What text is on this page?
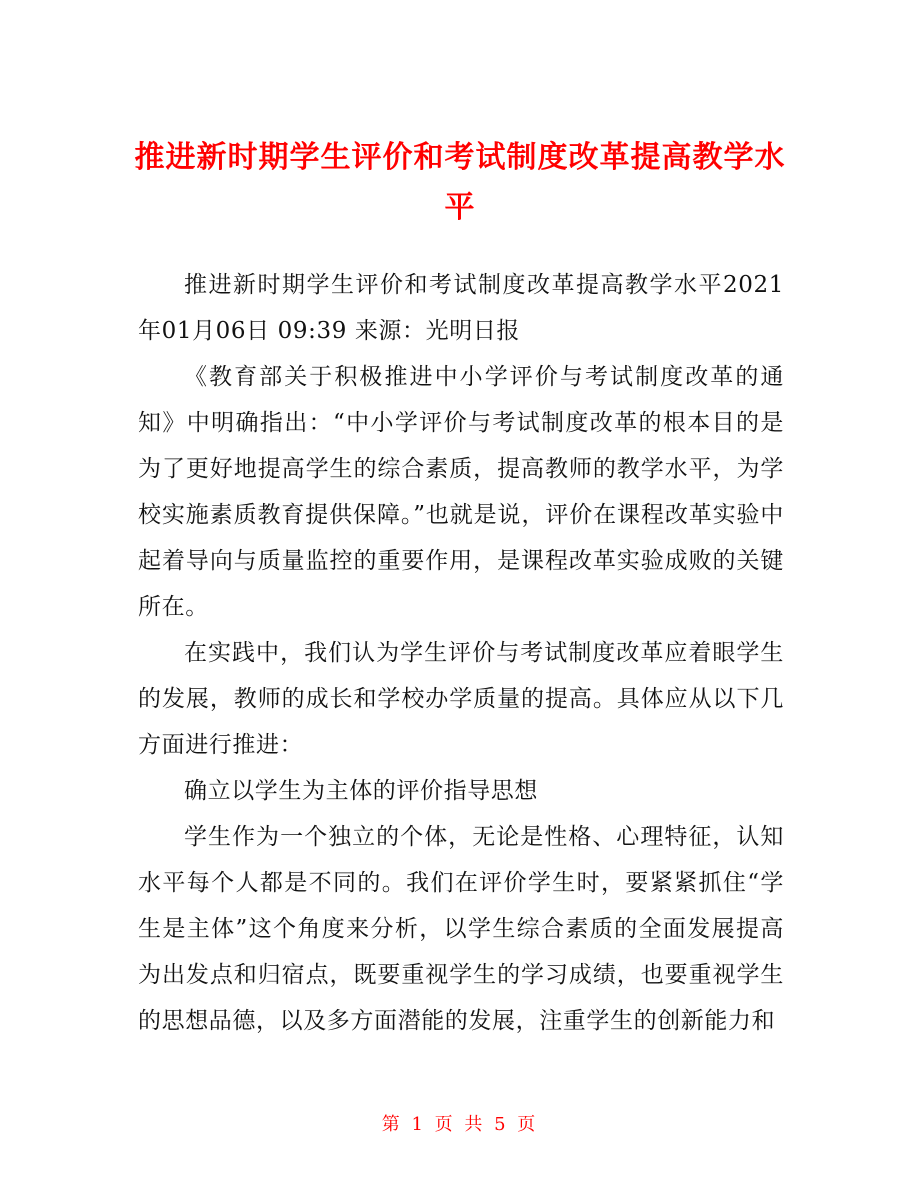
推进新时期学生评价和考试制度改革提高教学水平

推进新时期学生评价和考试制度改革提高教学水平2021年01月06日 09:39 来源：光明日报

《教育部关于积极推进中小学评价与考试制度改革的通知》中明确指出：“中小学评价与考试制度改革的根本目的是为了更好地提高学生的综合素质，提高教师的教学水平，为学校实施素质教育提供保障。”也就是说，评价在课程改革实验中起着导向与质量监控的重要作用，是课程改革实验成败的关键所在。

在实践中，我们认为学生评价与考试制度改革应着眼学生的发展，教师的成长和学校办学质量的提高。具体应从以下几方面进行推进：

确立以学生为主体的评价指导思想

学生作为一个独立的个体，无论是性格、心理特征，认知水平每个人都是不同的。我们在评价学生时，要紧紧抓住“学生是主体”这个角度来分析，以学生综合素质的全面发展提高为出发点和归宿点，既要重视学生的学习成绩，也要重视学生的思想品德，以及多方面潜能的发展，注重学生的创新能力和

第 1 页 共 5 页
